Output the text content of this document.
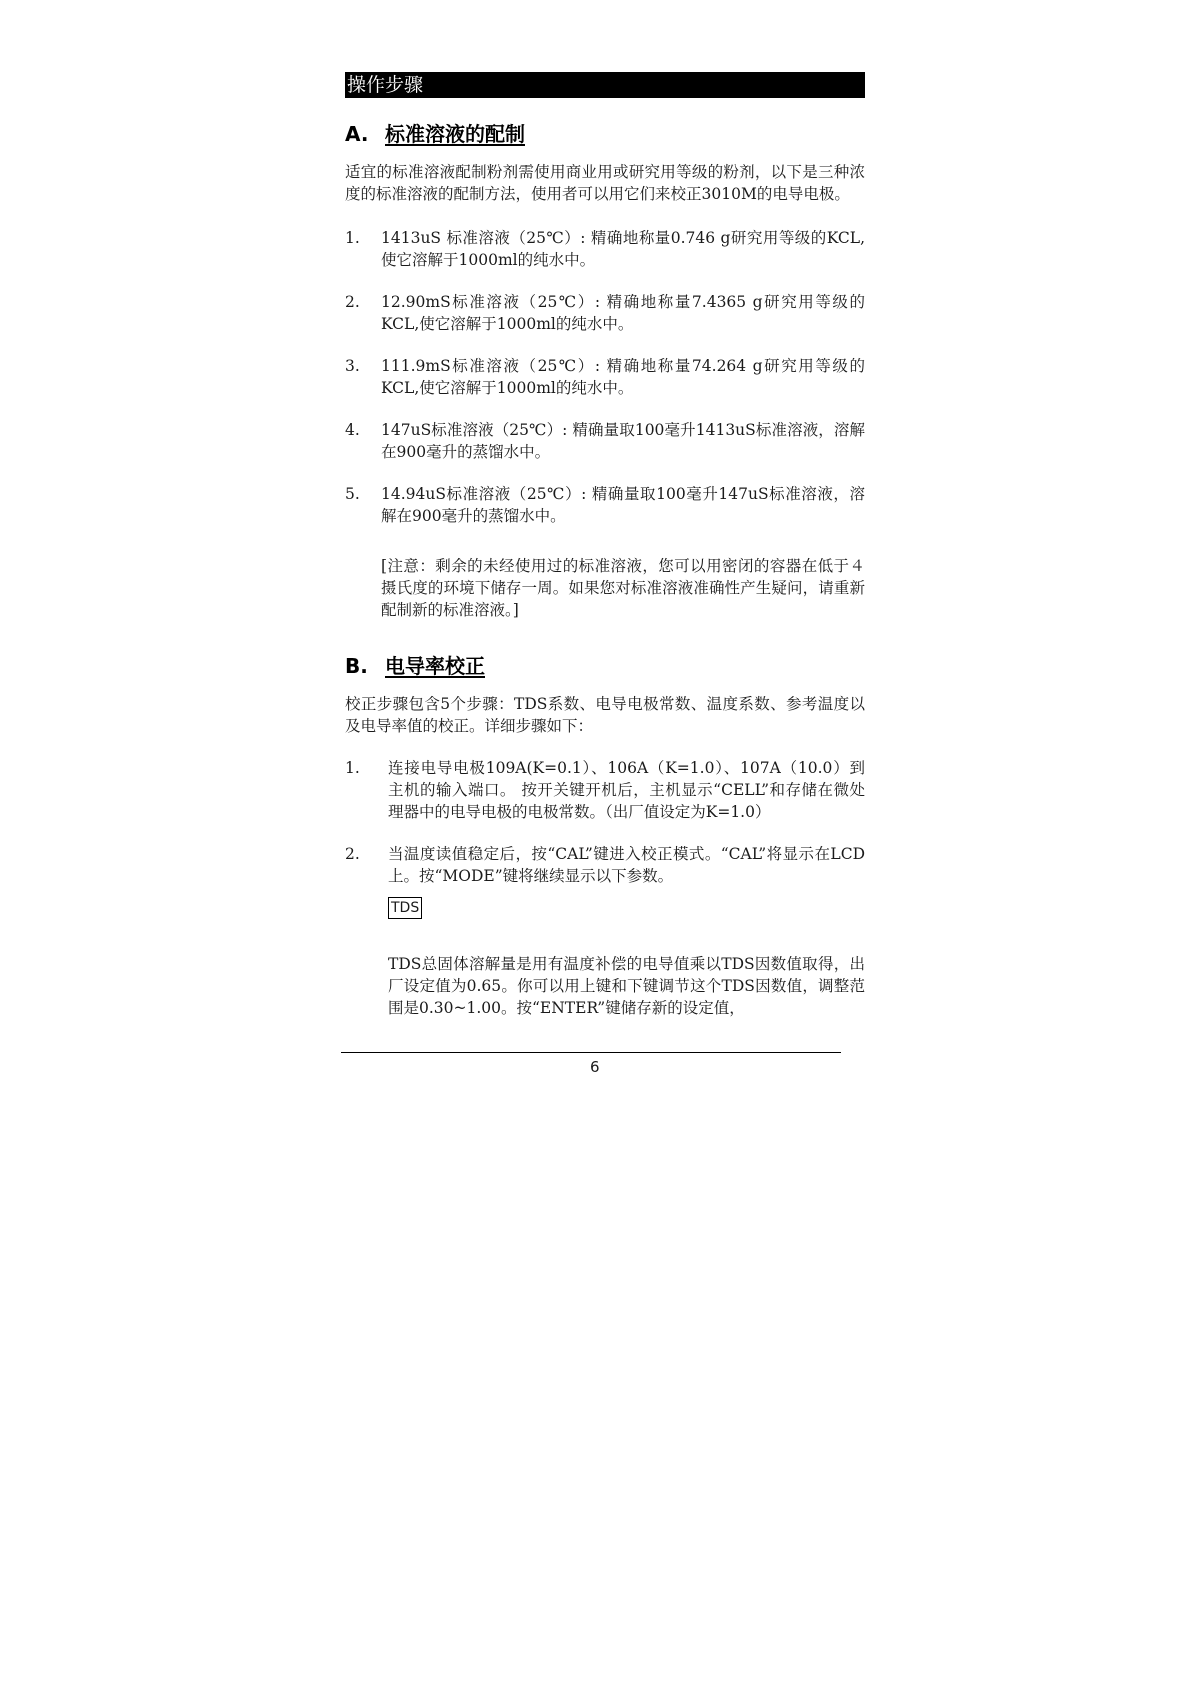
操作步骤
A. 标准溶液的配制

适宜的标准溶液配制粉剂需使用商业用或研究用等级的粉剂，以下是三种浓度的标准溶液的配制方法，使用者可以用它们来校正3010M的电导电极。

1.	1413uS 标准溶液（25℃）: 精确地称量0.746 g研究用等级的KCL,使它溶解于1000ml的纯水中。
2.	12.90mS标准溶液（25℃）: 精确地称量7.4365 g研究用等级的KCL,使它溶解于1000ml的纯水中。
3.	111.9mS标准溶液（25℃）: 精确地称量74.264 g研究用等级的KCL,使它溶解于1000ml的纯水中。
4.	147uS标准溶液（25℃）: 精确量取100毫升1413uS标准溶液，溶解在900毫升的蒸馏水中。
5.	14.94uS标准溶液（25℃）: 精确量取100毫升147uS标准溶液，溶解在900毫升的蒸馏水中。

[注意：剩余的未经使用过的标准溶液，您可以用密闭的容器在低于４摄氏度的环境下储存一周。如果您对标准溶液准确性产生疑问，请重新配制新的标准溶液。]

B. 电导率校正

校正步骤包含5个步骤：TDS系数、电导电极常数、温度系数、参考温度以及电导率值的校正。详细步骤如下：

1.	连接电导电极109A(K=0.1）、106A（K=1.0）、107A（10.0）到主机的输入端口。 按开关键开机后，主机显示“CELL”和存储在微处理器中的电导电极的电极常数。（出厂值设定为K=1.0）
2.	当温度读值稳定后，按“CAL”键进入校正模式。“CAL”将显示在LCD上。按“MODE”键将继续显示以下参数。
TDS

TDS总固体溶解量是用有温度补偿的电导值乘以TDS因数值取得，出厂设定值为0.65。你可以用上键和下键调节这个TDS因数值，调整范围是0.30~1.00。按“ENTER”键储存新的设定值，

6
